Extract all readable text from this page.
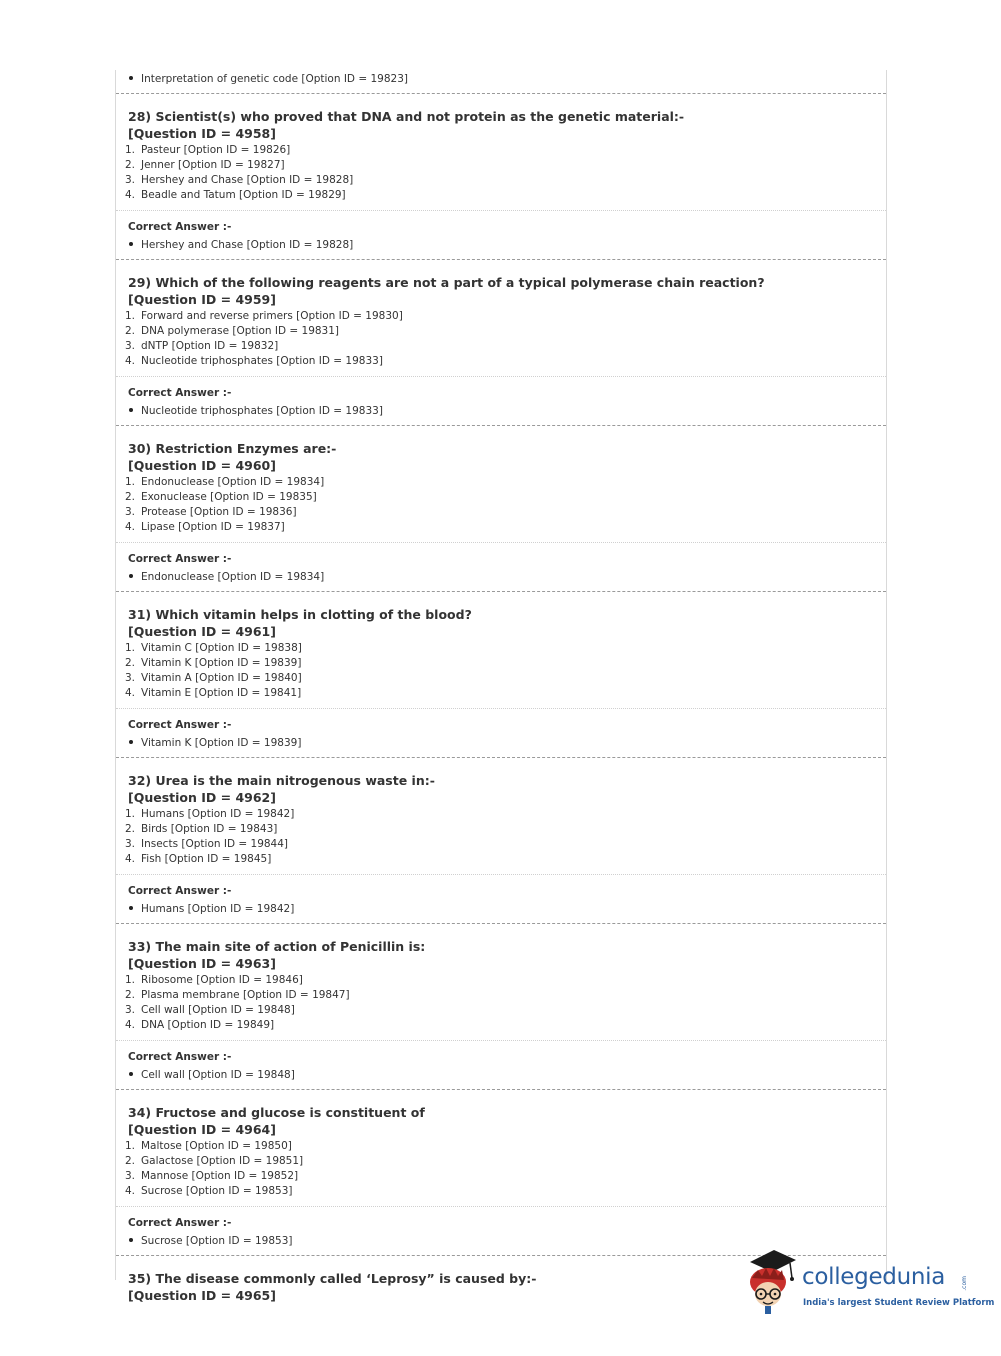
Interpretation of genetic code [Option ID = 19823]

28) Scientist(s) who proved that DNA and not protein as the genetic material:-

[Question ID = 4958]

1. Pasteur [Option ID = 19826]
2. Jenner [Option ID = 19827]
3. Hershey and Chase [Option ID = 19828]
4. Beadle and Tatum [Option ID = 19829]
Correct Answer :-
Hershey and Chase [Option ID = 19828]

29) Which of the following reagents are not a part of a typical polymerase chain reaction?

[Question ID = 4959]

1. Forward and reverse primers [Option ID = 19830]
2. DNA polymerase [Option ID = 19831]
3. dNTP [Option ID = 19832]
4. Nucleotide triphosphates [Option ID = 19833]
Correct Answer :-
Nucleotide triphosphates [Option ID = 19833]

30) Restriction Enzymes are:-

[Question ID = 4960]

1. Endonuclease [Option ID = 19834]
2. Exonuclease [Option ID = 19835]
3. Protease [Option ID = 19836]
4. Lipase [Option ID = 19837]
Correct Answer :-
Endonuclease [Option ID = 19834]

31) Which vitamin helps in clotting of the blood?

[Question ID = 4961]

1. Vitamin C [Option ID = 19838]
2. Vitamin K [Option ID = 19839]
3. Vitamin A [Option ID = 19840]
4. Vitamin E [Option ID = 19841]
Correct Answer :-
Vitamin K [Option ID = 19839]

32) Urea is the main nitrogenous waste in:-

[Question ID = 4962]

1. Humans [Option ID = 19842]
2. Birds [Option ID = 19843]
3. Insects [Option ID = 19844]
4. Fish [Option ID = 19845]
Correct Answer :-
Humans [Option ID = 19842]

33) The main site of action of Penicillin is:

[Question ID = 4963]

1. Ribosome [Option ID = 19846]
2. Plasma membrane [Option ID = 19847]
3. Cell wall [Option ID = 19848]
4. DNA [Option ID = 19849]
Correct Answer :-
Cell wall [Option ID = 19848]

34) Fructose and glucose is constituent of

[Question ID = 4964]

1. Maltose [Option ID = 19850]
2. Galactose [Option ID = 19851]
3. Mannose [Option ID = 19852]
4. Sucrose [Option ID = 19853]
Correct Answer :-
Sucrose [Option ID = 19853]

35) The disease commonly called ‘Leprosy” is caused by:-

[Question ID = 4965]

collegedunia	.com
India's largest Student Review Platform
